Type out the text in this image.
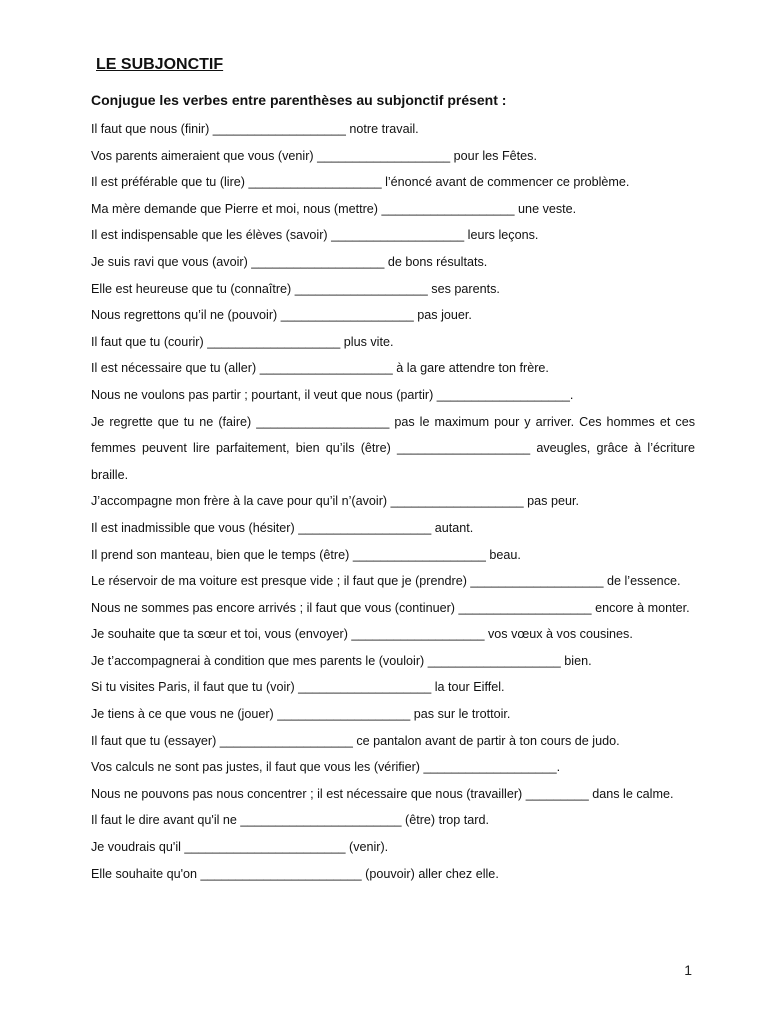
LE SUBJONCTIF
Conjugue les verbes entre parenthèses au subjonctif présent :

Il faut que nous (finir) ___________________ notre travail.

Vos parents aimeraient que vous (venir) ___________________ pour les Fêtes.

Il est préférable que tu (lire) ___________________ l’énoncé avant de commencer ce problème.

Ma mère demande que Pierre et moi, nous (mettre) ___________________ une veste.

Il est indispensable que les élèves (savoir) ___________________ leurs leçons.

Je suis ravi que vous (avoir) ___________________ de bons résultats.

Elle est heureuse que tu (connaître) ___________________ ses parents.

Nous regrettons qu’il ne (pouvoir) ___________________ pas jouer.

Il faut que tu (courir) ___________________ plus vite.

Il est nécessaire que tu (aller) ___________________ à la gare attendre ton frère.

Nous ne voulons pas partir ; pourtant, il veut que nous (partir) ___________________.

Je regrette que tu ne (faire) ___________________ pas le maximum pour y arriver. Ces hommes et ces femmes peuvent lire parfaitement, bien qu’ils (être) ___________________ aveugles, grâce à l’écriture braille.

J’accompagne mon frère à la cave pour qu’il n’(avoir) ___________________ pas peur.

Il est inadmissible que vous (hésiter) ___________________ autant.

Il prend son manteau, bien que le temps (être) ___________________ beau.

Le réservoir de ma voiture est presque vide ; il faut que je (prendre) ___________________ de l’essence.

Nous ne sommes pas encore arrivés ; il faut que vous (continuer) ___________________ encore à monter.

Je souhaite que ta sœur et toi, vous (envoyer) ___________________ vos vœux à vos cousines.

Je t’accompagnerai à condition que mes parents le (vouloir) ___________________ bien.

Si tu visites Paris, il faut que tu (voir) ___________________ la tour Eiffel.

Je tiens à ce que vous ne (jouer) ___________________ pas sur le trottoir.

Il faut que tu (essayer) ___________________ ce pantalon avant de partir à ton cours de judo.

Vos calculs ne sont pas justes, il faut que vous les (vérifier) ___________________.

Nous ne pouvons pas nous concentrer ; il est nécessaire que nous (travailler) _________ dans le calme.

Il faut le dire avant qu'il ne _______________________ (être) trop tard.

Je voudrais qu'il _______________________ (venir).

Elle souhaite qu'on _______________________ (pouvoir) aller chez elle.

1
